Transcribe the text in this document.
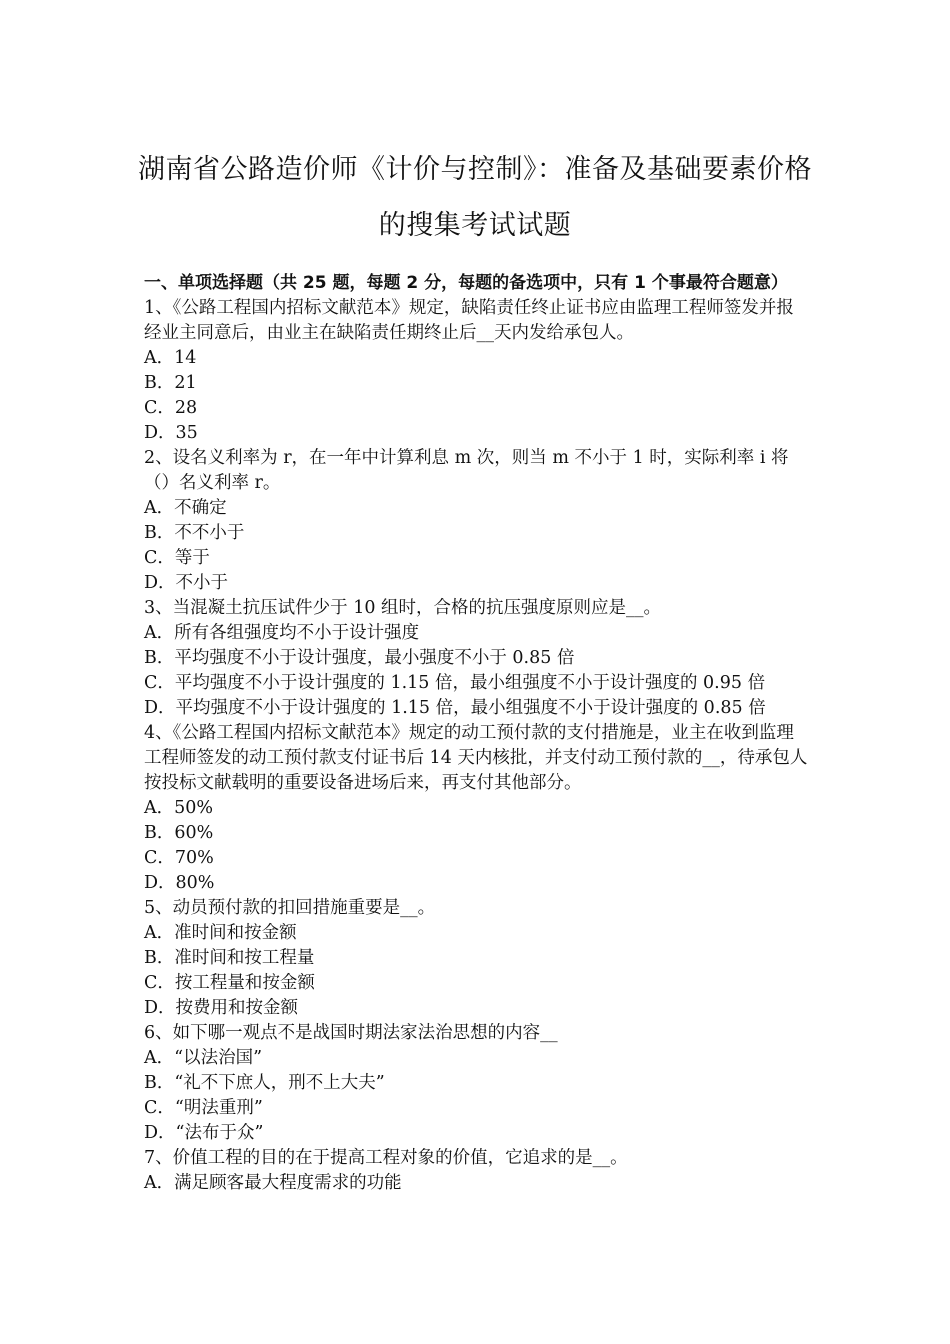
湖南省公路造价师《计价与控制》：准备及基础要素价格
的搜集考试试题
一、单项选择题（共 25 题，每题 2 分，每题的备选项中，只有 1 个事最符合题意）
1、《公路工程国内招标文献范本》规定，缺陷责任终止证书应由监理工程师签发并报经业主同意后，由业主在缺陷责任期终止后__天内发给承包人。
A．14
B．21
C．28
D．35
2、设名义利率为 r，在一年中计算利息 m 次，则当 m 不小于 1 时，实际利率 i 将（）名义利率 r。
A．不确定
B．不不小于
C．等于
D．不小于
3、当混凝土抗压试件少于 10 组时，合格的抗压强度原则应是__。
A．所有各组强度均不小于设计强度
B．平均强度不小于设计强度，最小强度不小于 0.85 倍
C．平均强度不小于设计强度的 1.15 倍，最小组强度不小于设计强度的 0.95 倍
D．平均强度不小于设计强度的 1.15 倍，最小组强度不小于设计强度的 0.85 倍
4、《公路工程国内招标文献范本》规定的动工预付款的支付措施是，业主在收到监理工程师签发的动工预付款支付证书后 14 天内核批，并支付动工预付款的__，待承包人按投标文献载明的重要设备进场后来，再支付其他部分。
A．50%
B．60%
C．70%
D．80%
5、动员预付款的扣回措施重要是__。
A．准时间和按金额
B．准时间和按工程量
C．按工程量和按金额
D．按费用和按金额
6、如下哪一观点不是战国时期法家法治思想的内容__
A．“以法治国”
B．“礼不下庶人，刑不上大夫”
C．“明法重刑”
D．“法布于众”
7、价值工程的目的在于提高工程对象的价值，它追求的是__。
A．满足顾客最大程度需求的功能
